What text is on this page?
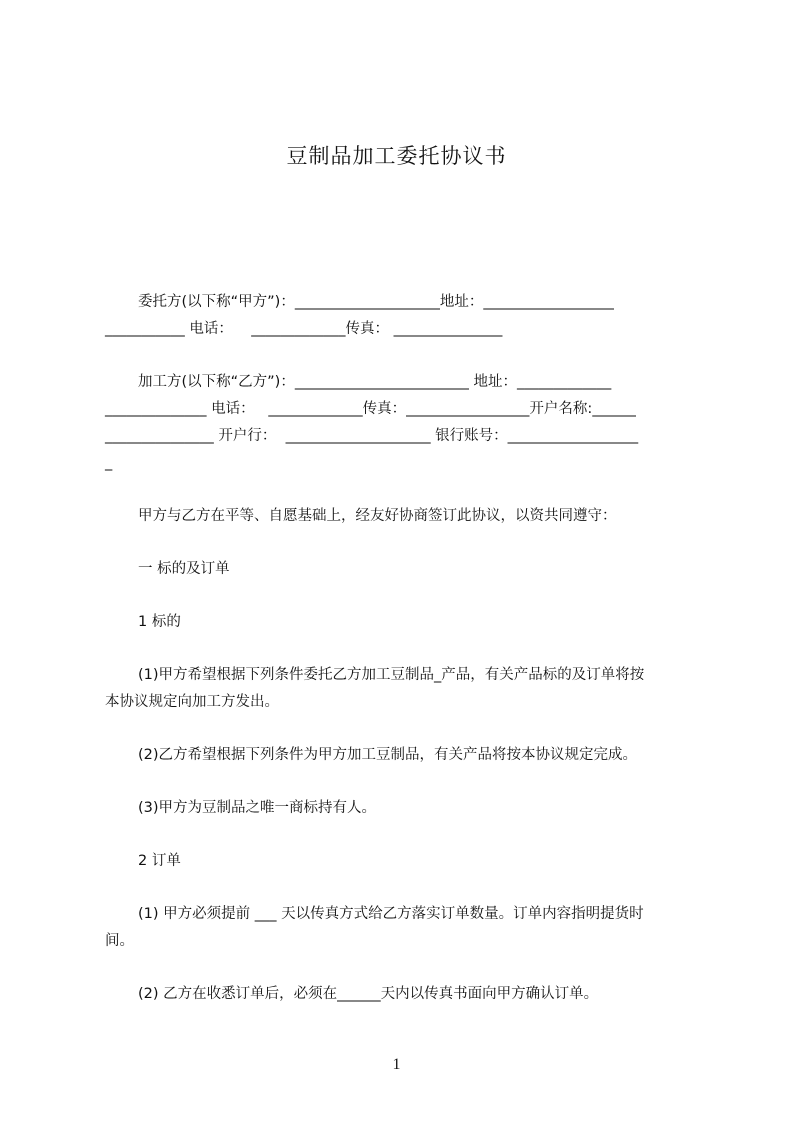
豆制品加工委托协议书
委托方(以下称“甲方”)：____________________地址：__________________
___________ 电话：    _____________传真： _______________
加工方(以下称“乙方”)：________________________ 地址：_____________
______________ 电话：   _____________传真：_________________开户名称:______
_______________ 开户行：  ____________________ 银行账号：__________________
_
甲方与乙方在平等、自愿基础上，经友好协商签订此协议，以资共同遵守：
一 标的及订单
1 标的
(1)甲方希望根据下列条件委托乙方加工豆制品_产品，有关产品标的及订单将按
本协议规定向加工方发出。
(2)乙方希望根据下列条件为甲方加工豆制品，有关产品将按本协议规定完成。
(3)甲方为豆制品之唯一商标持有人。
2 订单
(1) 甲方必须提前 ___ 天以传真方式给乙方落实订单数量。订单内容指明提货时
间。
(2) 乙方在收悉订单后，必须在______天内以传真书面向甲方确认订单。
1
